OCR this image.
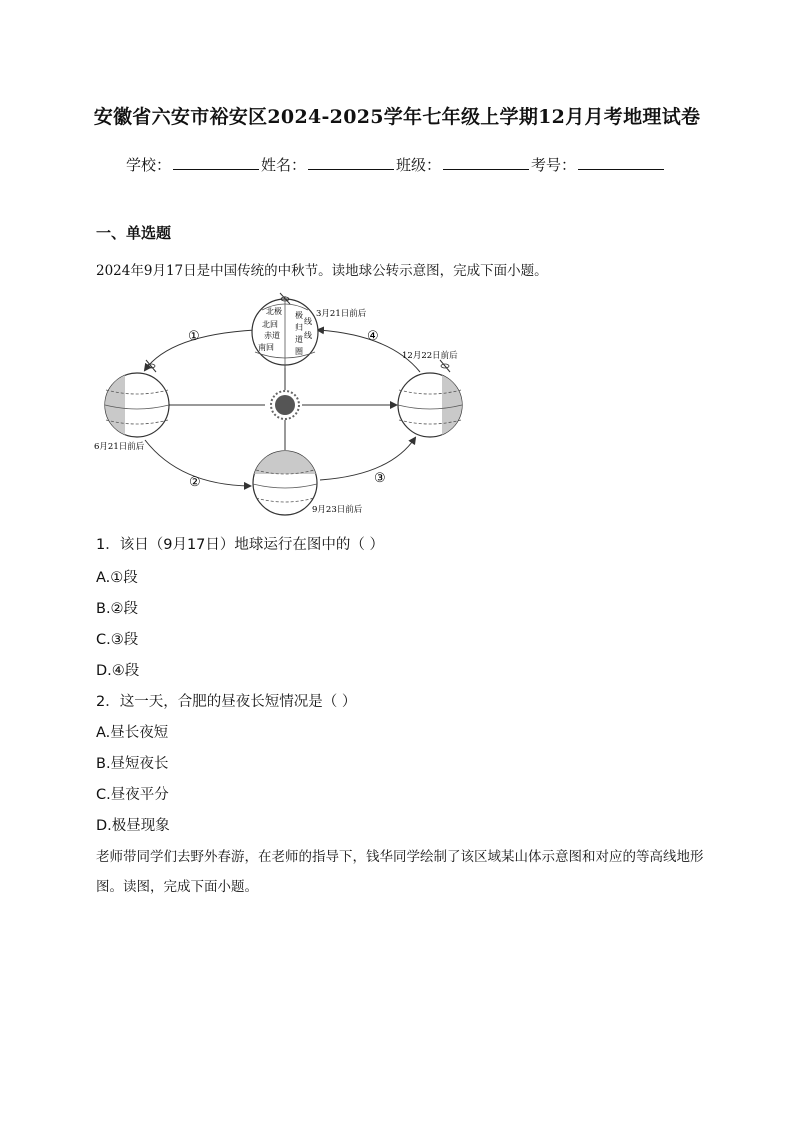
安徽省六安市裕安区2024-2025学年七年级上学期12月月考地理试卷
学校：	姓名：	班级：	考号：
一、单选题
2024年9月17日是中国传统的中秋节。读地球公转示意图，完成下面小题。
北极
北回
赤道
南回
极
归
道
圈
线
线
3月21日前后
6月21日前后
9月23日前后
12月22日前后
①
②	③
④
1．该日（9月17日）地球运行在图中的（ ）
A.①段
B.②段
C.③段
D.④段
2．这一天，合肥的昼夜长短情况是（ ）
A.昼长夜短
B.昼短夜长
C.昼夜平分
D.极昼现象
老师带同学们去野外春游，在老师的指导下，钱华同学绘制了该区域某山体示意图和对应的等高线地形图。读图，完成下面小题。
